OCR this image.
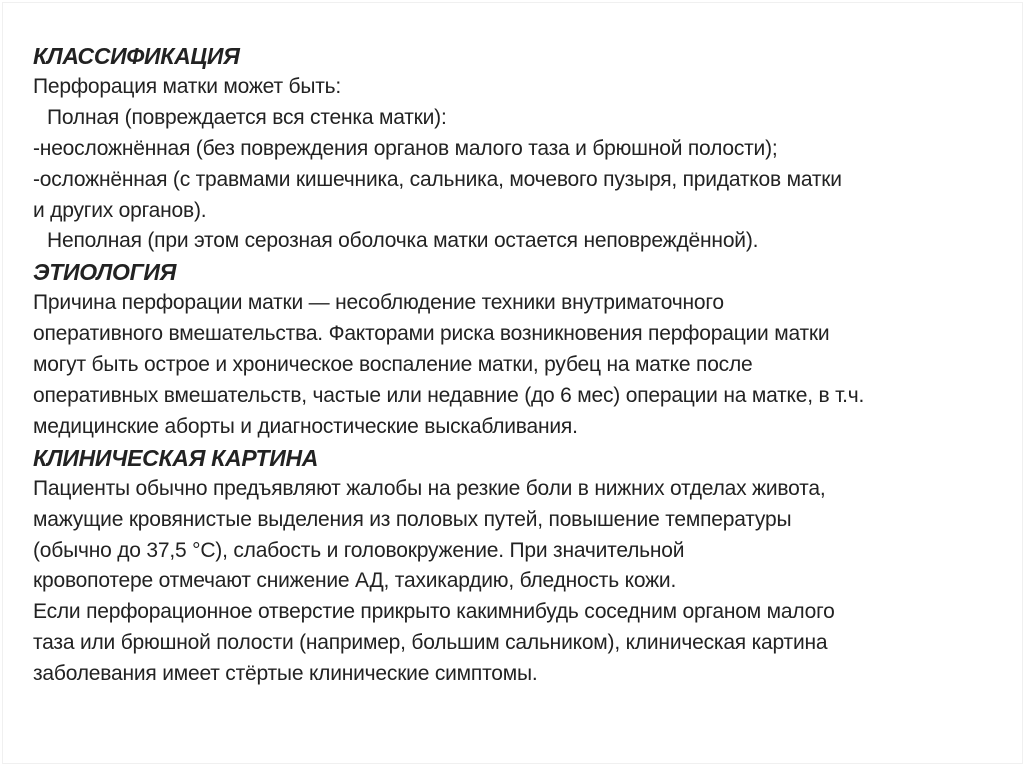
КЛАССИФИКАЦИЯ
Перфорация матки может быть:
Полная (повреждается вся стенка матки):
-неосложнённая (без повреждения органов малого таза и брюшной полости);
-осложнённая (с травмами кишечника, сальника, мочевого пузыря, придатков матки
и других органов).
Неполная (при этом серозная оболочка матки остается неповреждённой).
ЭТИОЛОГИЯ
Причина перфорации матки — несоблюдение техники внутриматочного
оперативного вмешательства. Факторами риска возникновения перфорации матки
могут быть острое и хроническое воспаление матки, рубец на матке после
оперативных вмешательств, частые или недавние (до 6 мес) операции на матке, в т.ч.
медицинские аборты и диагностические выскабливания.
КЛИНИЧЕСКАЯ КАРТИНА
Пациенты обычно предъявляют жалобы на резкие боли в нижних отделах живота,
мажущие кровянистые выделения из половых путей, повышение температуры
(обычно до 37,5 °С), слабость и головокружение. При значительной
кровопотере отмечают снижение АД, тахикардию, бледность кожи.
Если перфорационное отверстие прикрыто какимнибудь соседним органом малого
таза или брюшной полости (например, большим сальником), клиническая картина
заболевания имеет стёртые клинические симптомы.
